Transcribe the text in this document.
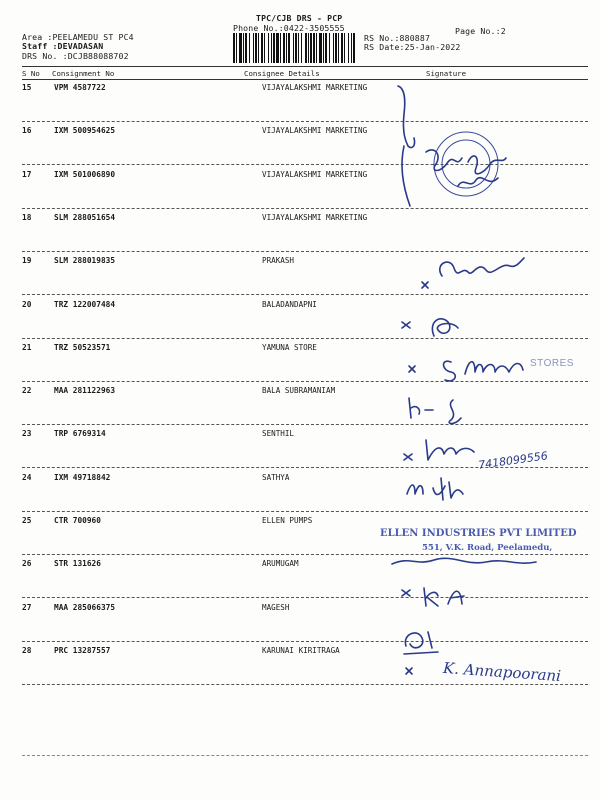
TPC/CJB DRS - PCP
Phone No.:0422-3505555	Page No.:2
Area :PEELAMEDU ST PC4
Staff :DEVADASAN
DRS No. :DCJB88088702
RS No.:880887
RS Date:25-Jan-2022
S No Consignment No	Consignee Details	Signature
15	VPM 4587722	VIJAYALAKSHMI MARKETING
16	IXM 500954625	VIJAYALAKSHMI MARKETING
17	IXM 501006890	VIJAYALAKSHMI MARKETING
18	SLM 288051654	VIJAYALAKSHMI MARKETING
19	SLM 288019835	PRAKASH
20	TRZ 122007484	BALADANDAPNI
21	TRZ 50523571	YAMUNA STORE
22	MAA 281122963	BALA SUBRAMANIAM
23	TRP 6769314	SENTHIL
24	IXM 49718842	SATHYA
25	CTR 700960	ELLEN PUMPS
26	STR 131626	ARUMUGAM
27	MAA 285066375	MAGESH
28	PRC 13287557	KARUNAI KIRITRAGA
STORES
7418099556
ELLEN INDUSTRIES PVT LIMITED
551, V.K. Road, Peelamedu,
K. Annapoorani
